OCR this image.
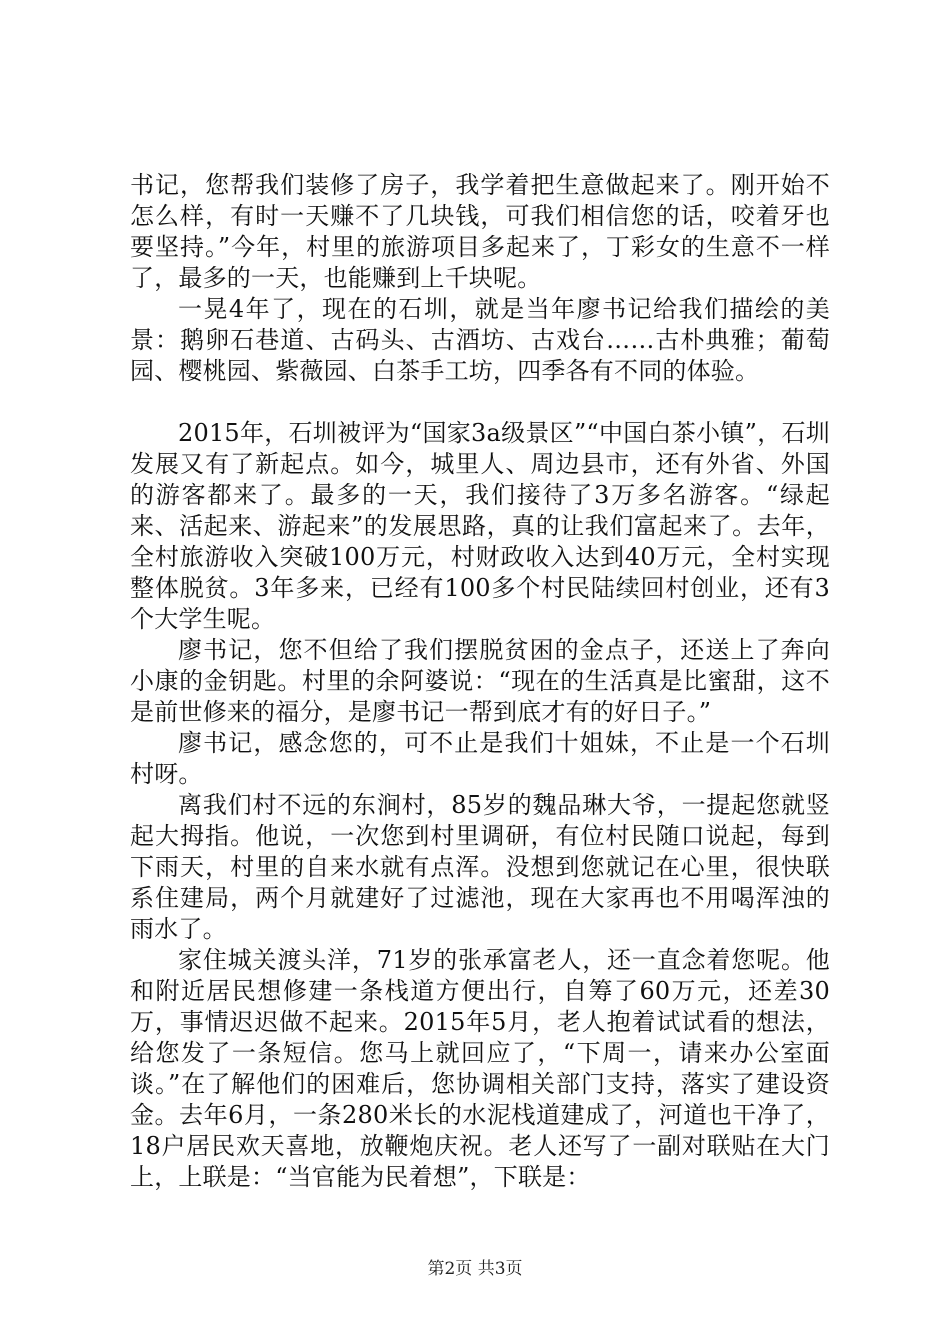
书记，您帮我们装修了房子，我学着把生意做起来了。刚开始不怎么样，有时一天赚不了几块钱，可我们相信您的话，咬着牙也要坚持。”今年，村里的旅游项目多起来了，丁彩女的生意不一样了，最多的一天，也能赚到上千块呢。

一晃4年了，现在的石圳，就是当年廖书记给我们描绘的美景：鹅卵石巷道、古码头、古酒坊、古戏台……古朴典雅；葡萄园、樱桃园、紫薇园、白茶手工坊，四季各有不同的体验。

2015年，石圳被评为“国家3a级景区”“中国白茶小镇”，石圳发展又有了新起点。如今，城里人、周边县市，还有外省、外国的游客都来了。最多的一天，我们接待了3万多名游客。“绿起来、活起来、游起来”的发展思路，真的让我们富起来了。去年，全村旅游收入突破100万元，村财政收入达到40万元，全村实现整体脱贫。3年多来，已经有100多个村民陆续回村创业，还有3个大学生呢。

廖书记，您不但给了我们摆脱贫困的金点子，还送上了奔向小康的金钥匙。村里的余阿婆说：“现在的生活真是比蜜甜，这不是前世修来的福分，是廖书记一帮到底才有的好日子。”

廖书记，感念您的，可不止是我们十姐妹，不止是一个石圳村呀。

离我们村不远的东涧村，85岁的魏品琳大爷，一提起您就竖起大拇指。他说，一次您到村里调研，有位村民随口说起，每到下雨天，村里的自来水就有点浑。没想到您就记在心里，很快联系住建局，两个月就建好了过滤池，现在大家再也不用喝浑浊的雨水了。

家住城关渡头洋，71岁的张承富老人，还一直念着您呢。他和附近居民想修建一条栈道方便出行，自筹了60万元，还差30万，事情迟迟做不起来。2015年5月，老人抱着试试看的想法，给您发了一条短信。您马上就回应了，“下周一，请来办公室面谈。”在了解他们的困难后，您协调相关部门支持，落实了建设资金。去年6月，一条280米长的水泥栈道建成了，河道也干净了，18户居民欢天喜地，放鞭炮庆祝。老人还写了一副对联贴在大门上，上联是：“当官能为民着想”，下联是：

第2页 共3页
